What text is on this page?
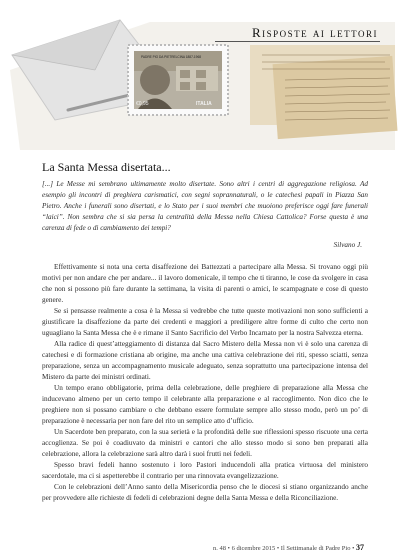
PADRE PIO DA PIETRELCINA 1887-1968
€0,95	ITALIA
Risposte ai lettori
La Santa Messa disertata...

[...] Le Messe mi sembrano ultimamente molto disertate. Sono altri i centri di aggregazione religiosa. Ad esempio gli incontri di preghiera carismatici, con segni soprannaturali, o le catechesi papali in Piazza San Pietro. Anche i funerali sono disertati, e lo Stato per i suoi membri che muoiono preferisce oggi fare funerali “laici”. Non sembra che si sia persa la centralità della Messa nella Chiesa Cattolica? Forse questa è una carenza di fede o di cambiamento dei tempi?

Silvano J.

Effettivamente si nota una certa disaffezione dei Battezzati a partecipare alla Messa. Si trovano oggi più motivi per non andare che per andare... il lavoro domenicale, il tempo che ti tiranno, le cose da svolgere in casa che non si possono più fare durante la settimana, la visita di parenti o amici, le scampagnate e cose di questo genere.

Se si pensasse realmente a cosa è la Messa si vedrebbe che tutte queste motivazioni non sono sufficienti a giustificare la disaffezione da parte dei credenti e maggiori a prediligere altre forme di culto che certo non uguagliano la Santa Messa che è e rimane il Santo Sacrificio del Verbo Incarnato per la nostra Salvezza eterna.

Alla radice di quest’atteggiamento di distanza dal Sacro Mistero della Messa non vi è solo una carenza di catechesi e di formazione cristiana ab origine, ma anche una cattiva celebrazione dei riti, spesso sciatti, senza preparazione, senza un accompagnamento musicale adeguato, senza soprattutto una partecipazione intensa del Mistero da parte dei ministri ordinati.

Un tempo erano obbligatorie, prima della celebrazione, delle preghiere di preparazione alla Messa che inducevano almeno per un certo tempo il celebrante alla preparazione e al raccoglimento. Non dico che le preghiere non si possano cambiare o che debbano essere formulate sempre allo stesso modo, però un po’ di preparazione è necessaria per non fare del rito un semplice atto d’ufficio.

Un Sacerdote ben preparato, con la sua serietà e la profondità delle sue riflessioni spesso riscuote una certa accoglienza. Se poi è coadiuvato da ministri e cantori che allo stesso modo si sono ben preparati alla celebrazione, allora la celebrazione sarà altro darà i suoi frutti nei fedeli.

Spesso bravi fedeli hanno sostenuto i loro Pastori inducendoli alla pratica virtuosa del ministero sacerdotale, ma ci si aspetterebbe il contrario per una rinnovata evangelizzazione.

Con le celebrazioni dell’Anno santo della Misericordia penso che le diocesi si stiano organizzando anche per provvedere alle richieste di fedeli di celebrazioni degne della Santa Messa e della Riconciliazione.

n. 48 • 6 dicembre 2015 • Il Settimanale di Padre Pio • 37
